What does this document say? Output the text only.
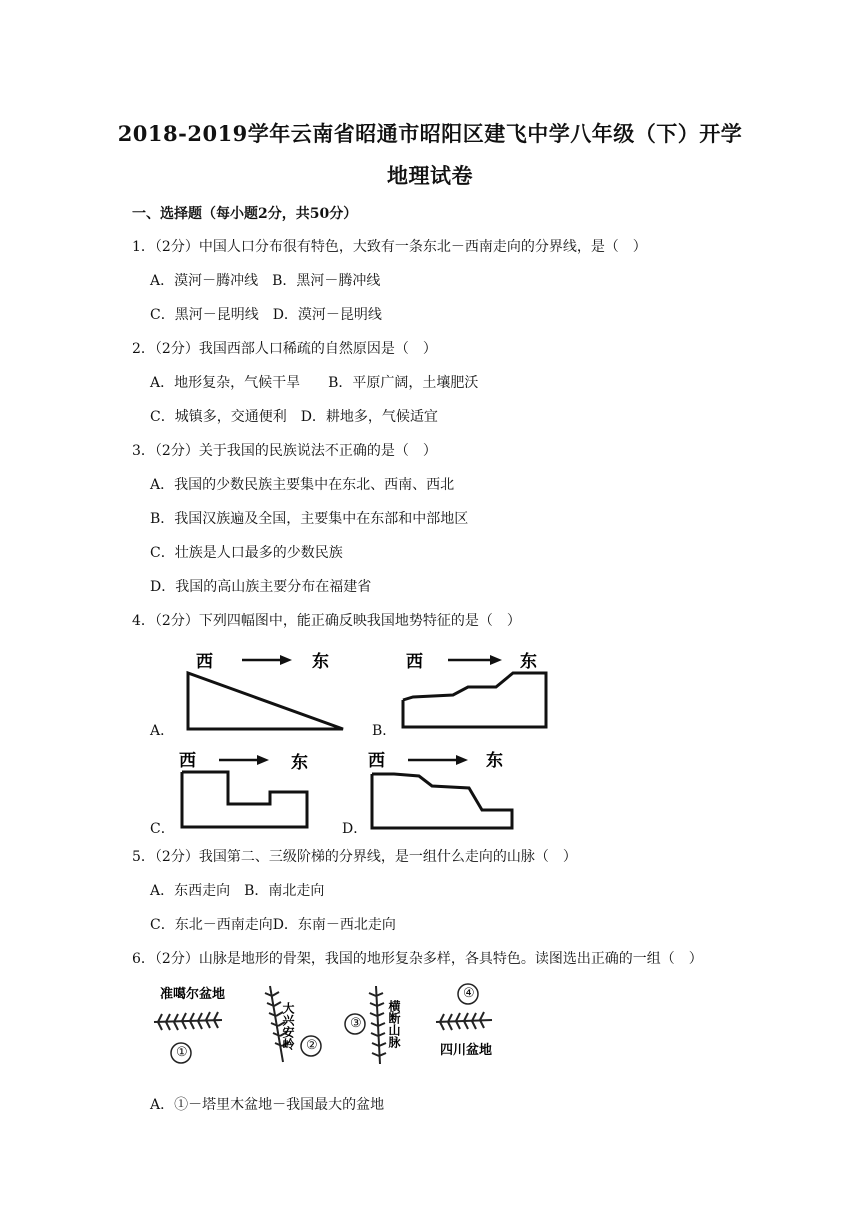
2018-2019学年云南省昭通市昭阳区建飞中学八年级（下）开学
地理试卷
一、选择题（每小题2分，共50分）
1．（2分）中国人口分布很有特色，大致有一条东北－西南走向的分界线，是（　）
A．漠河－腾冲线　B．黑河－腾冲线
C．黑河－昆明线　D．漠河－昆明线
2．（2分）我国西部人口稀疏的自然原因是（　）
A．地形复杂，气候干旱　　B．平原广阔，土壤肥沃
C．城镇多，交通便利　D．耕地多，气候适宜
3．（2分）关于我国的民族说法不正确的是（　）
A．我国的少数民族主要集中在东北、西南、西北
B．我国汉族遍及全国，主要集中在东部和中部地区
C．壮族是人口最多的少数民族
D．我国的高山族主要分布在福建省
4．（2分）下列四幅图中，能正确反映我国地势特征的是（　）
A．
西	东
B．
西	东
C．
西	东
D．
西	东
5．（2分）我国第二、三级阶梯的分界线，是一组什么走向的山脉（　）
A．东西走向　B．南北走向
C．东北－西南走向D．东南－西北走向
6．（2分）山脉是地形的骨架，我国的地形复杂多样，各具特色。读图选出正确的一组（　）
准噶尔盆地
大兴安岭	横断山脉
四川盆地
①	②
③
④
A．①－塔里木盆地－我国最大的盆地
